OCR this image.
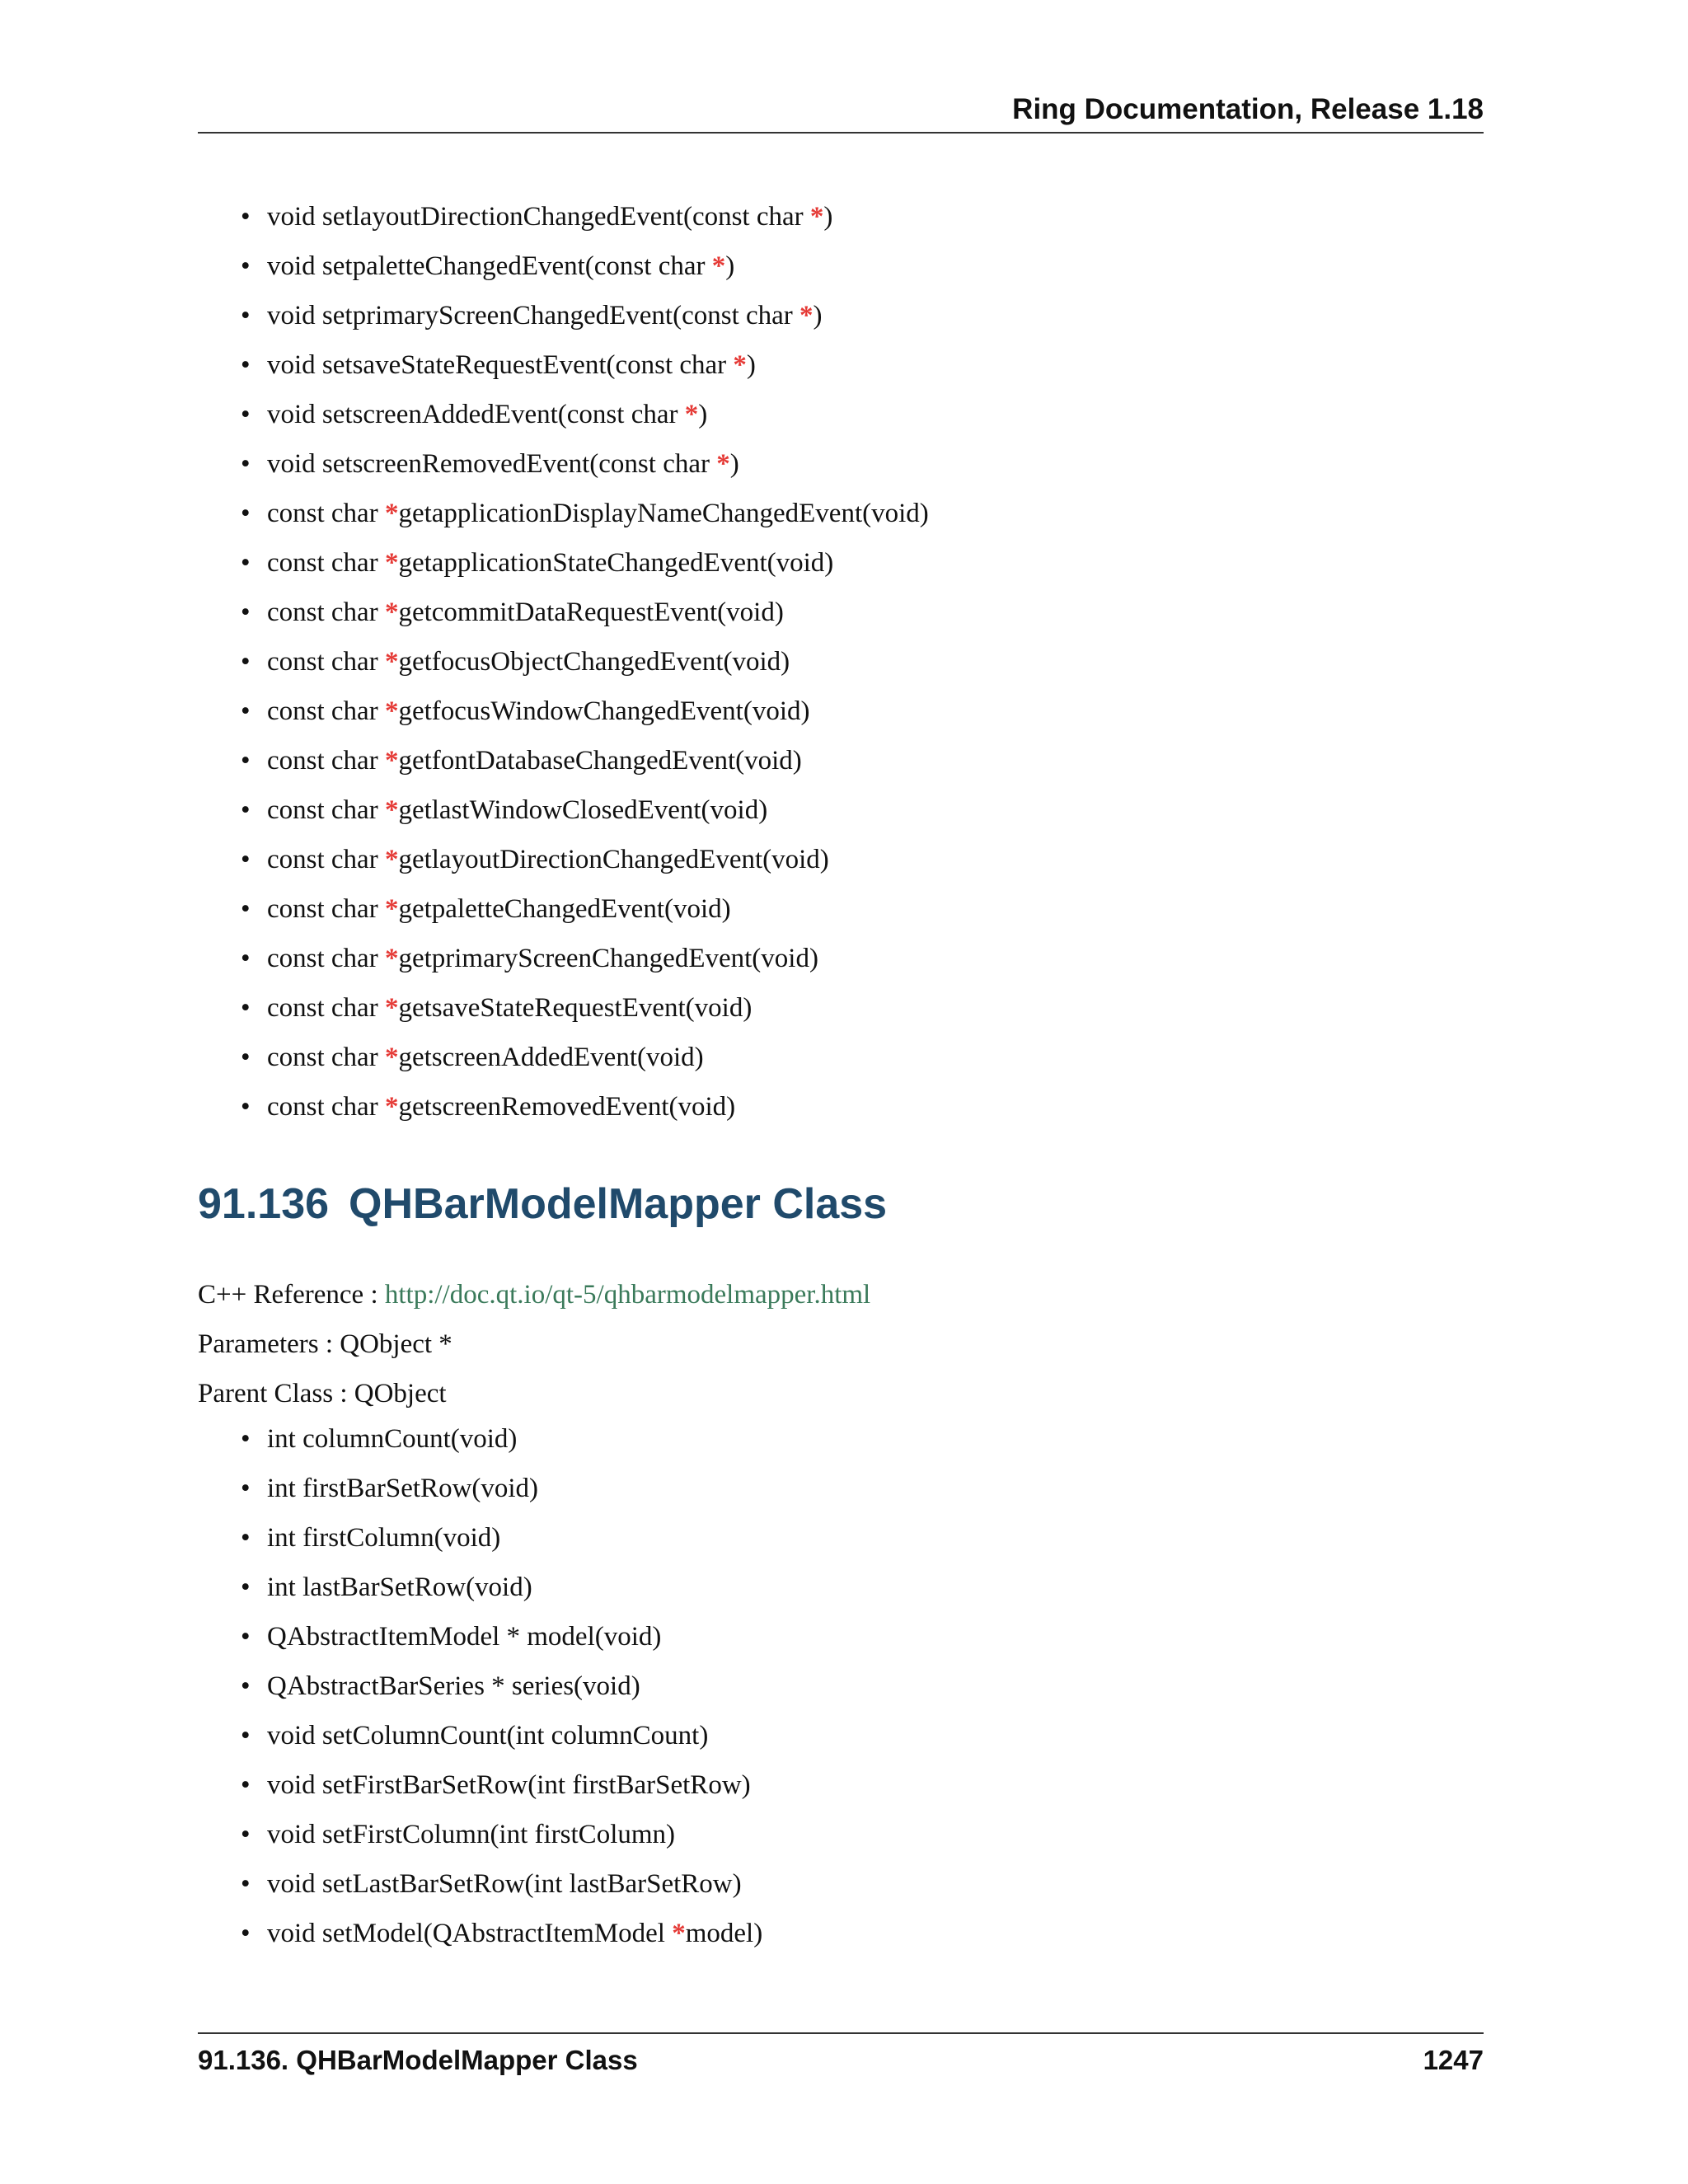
Ring Documentation, Release 1.18
• void setlayoutDirectionChangedEvent(const char *)
• void setpaletteChangedEvent(const char *)
• void setprimaryScreenChangedEvent(const char *)
• void setsaveStateRequestEvent(const char *)
• void setscreenAddedEvent(const char *)
• void setscreenRemovedEvent(const char *)
• const char *getapplicationDisplayNameChangedEvent(void)
• const char *getapplicationStateChangedEvent(void)
• const char *getcommitDataRequestEvent(void)
• const char *getfocusObjectChangedEvent(void)
• const char *getfocusWindowChangedEvent(void)
• const char *getfontDatabaseChangedEvent(void)
• const char *getlastWindowClosedEvent(void)
• const char *getlayoutDirectionChangedEvent(void)
• const char *getpaletteChangedEvent(void)
• const char *getprimaryScreenChangedEvent(void)
• const char *getsaveStateRequestEvent(void)
• const char *getscreenAddedEvent(void)
• const char *getscreenRemovedEvent(void)
91.136 QHBarModelMapper Class

C++ Reference : http://doc.qt.io/qt-5/qhbarmodelmapper.html

Parameters : QObject *

Parent Class : QObject

• int columnCount(void)
• int firstBarSetRow(void)
• int firstColumn(void)
• int lastBarSetRow(void)
• QAbstractItemModel * model(void)
• QAbstractBarSeries * series(void)
• void setColumnCount(int columnCount)
• void setFirstBarSetRow(int firstBarSetRow)
• void setFirstColumn(int firstColumn)
• void setLastBarSetRow(int lastBarSetRow)
• void setModel(QAbstractItemModel *model)
91.136. QHBarModelMapper Class	1247
